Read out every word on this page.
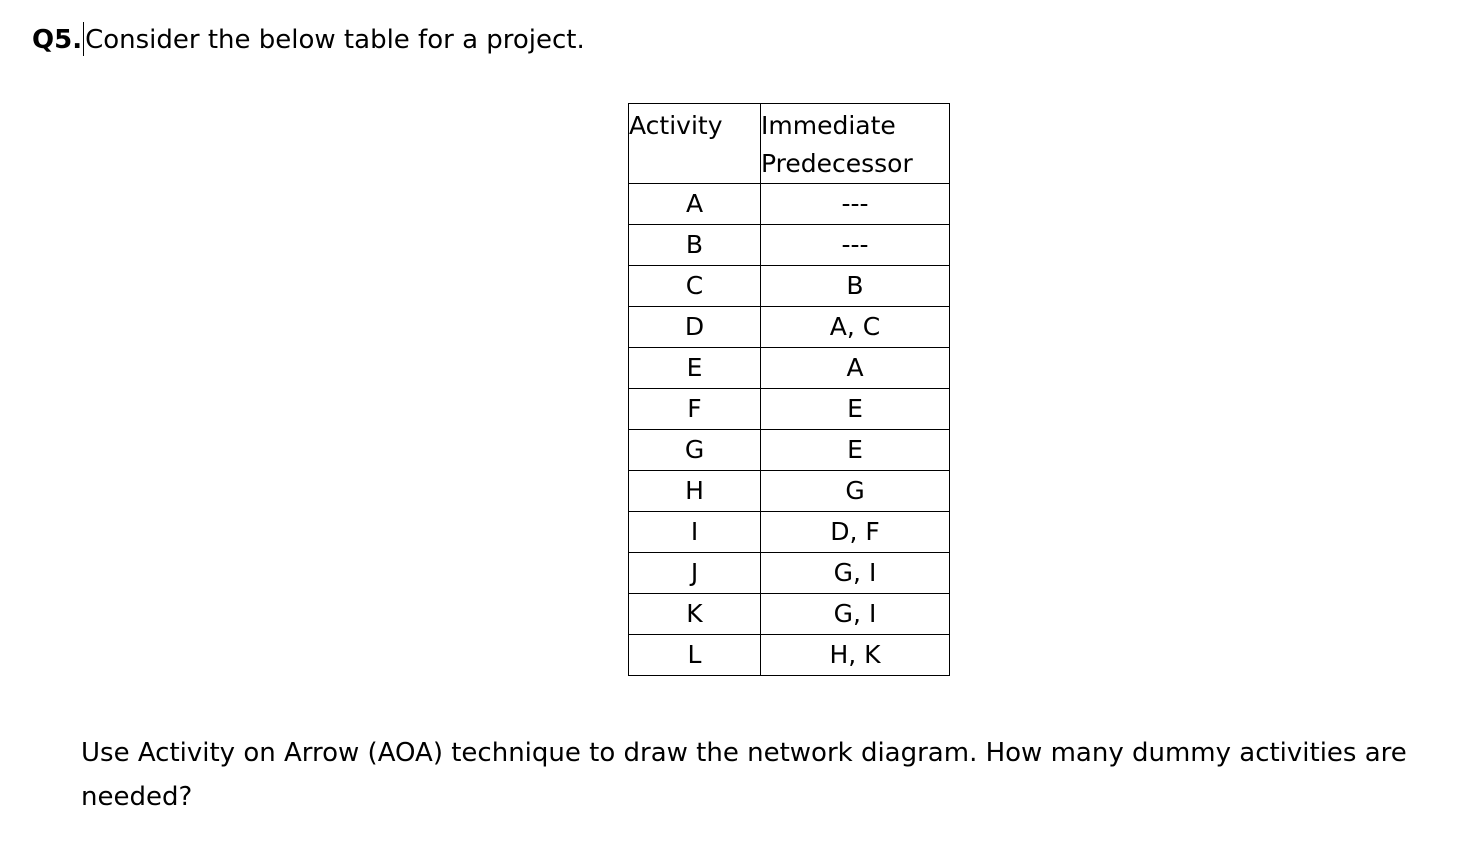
Q5. Consider the below table for a project.
Activity	Immediate
Predecessor
A	---
B	---
C	B
D	A, C
E	A
F	E
G	E
H	G
I	D, F
J	G, I
K	G, I
L	H, K
Use Activity on Arrow (AOA) technique to draw the network diagram. How many dummy activities are needed?
